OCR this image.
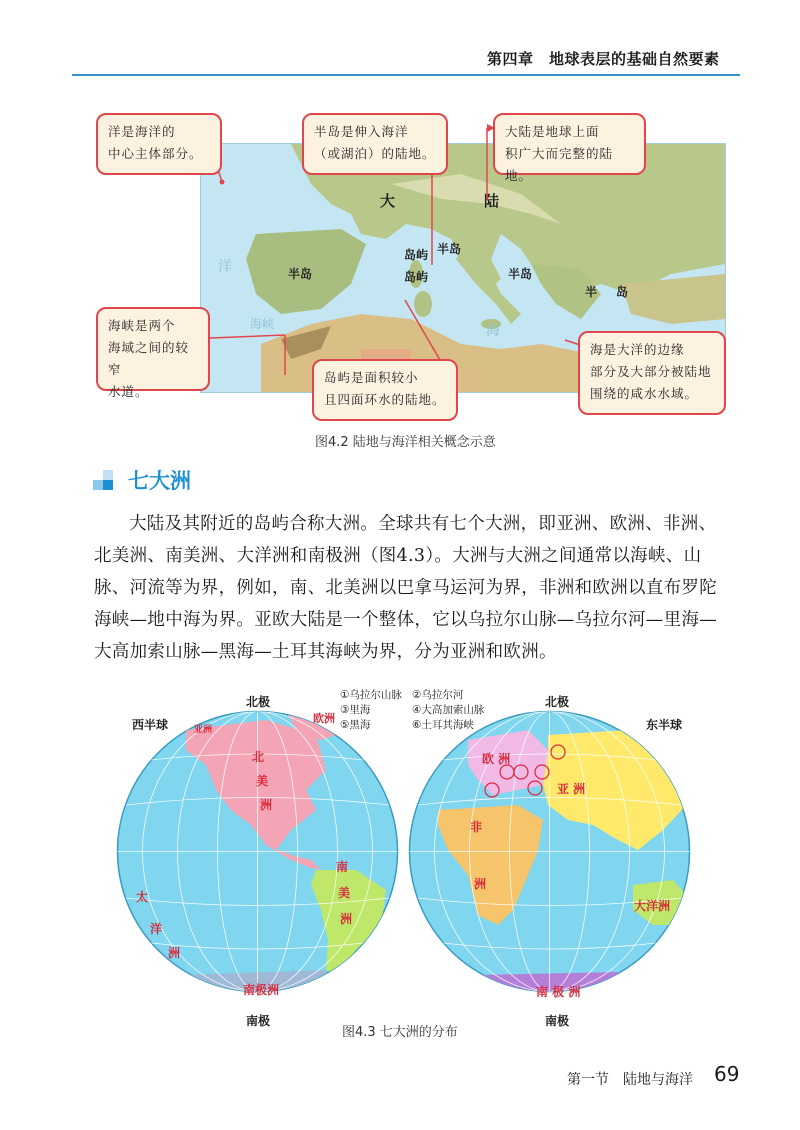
第四章　地球表层的基础自然要素
大	陆
洋	半岛
半岛
半岛
半 岛
岛屿
岛屿
海峡	海
洋是海洋的
中心主体部分。
半岛是伸入海洋
（或湖泊）的陆地。
大陆是地球上面
积广大而完整的陆地。
海峡是两个
海域之间的较窄
水道。
岛屿是面积较小
且四面环水的陆地。
海是大洋的边缘
部分及大部分被陆地
围绕的咸水水域。
图4.2 陆地与海洋相关概念示意
七大洲
大陆及其附近的岛屿合称大洲。全球共有七个大洲，即亚洲、欧洲、非洲、北美洲、南美洲、大洋洲和南极洲（图4.3）。大洲与大洲之间通常以海峡、山脉、河流等为界，例如，南、北美洲以巴拿马运河为界，非洲和欧洲以直布罗陀海峡—地中海为界。亚欧大陆是一个整体，它以乌拉尔山脉—乌拉尔河—里海—大高加索山脉—黑海—土耳其海峡为界，分为亚洲和欧洲。
北极	北极
南极	南极
西半球	东半球
①乌拉尔山脉 ②乌拉尔河
③里海	④大高加索山脉
⑤黑海	⑥土耳其海峡
北
美
洲
南
美
洲
南极洲	南 极 洲
欧 洲
亚 洲
非
洲
大洋洲
亚洲
欧洲
太
洋
洲
图4.3 七大洲的分布
第一节　陆地与海洋 69
